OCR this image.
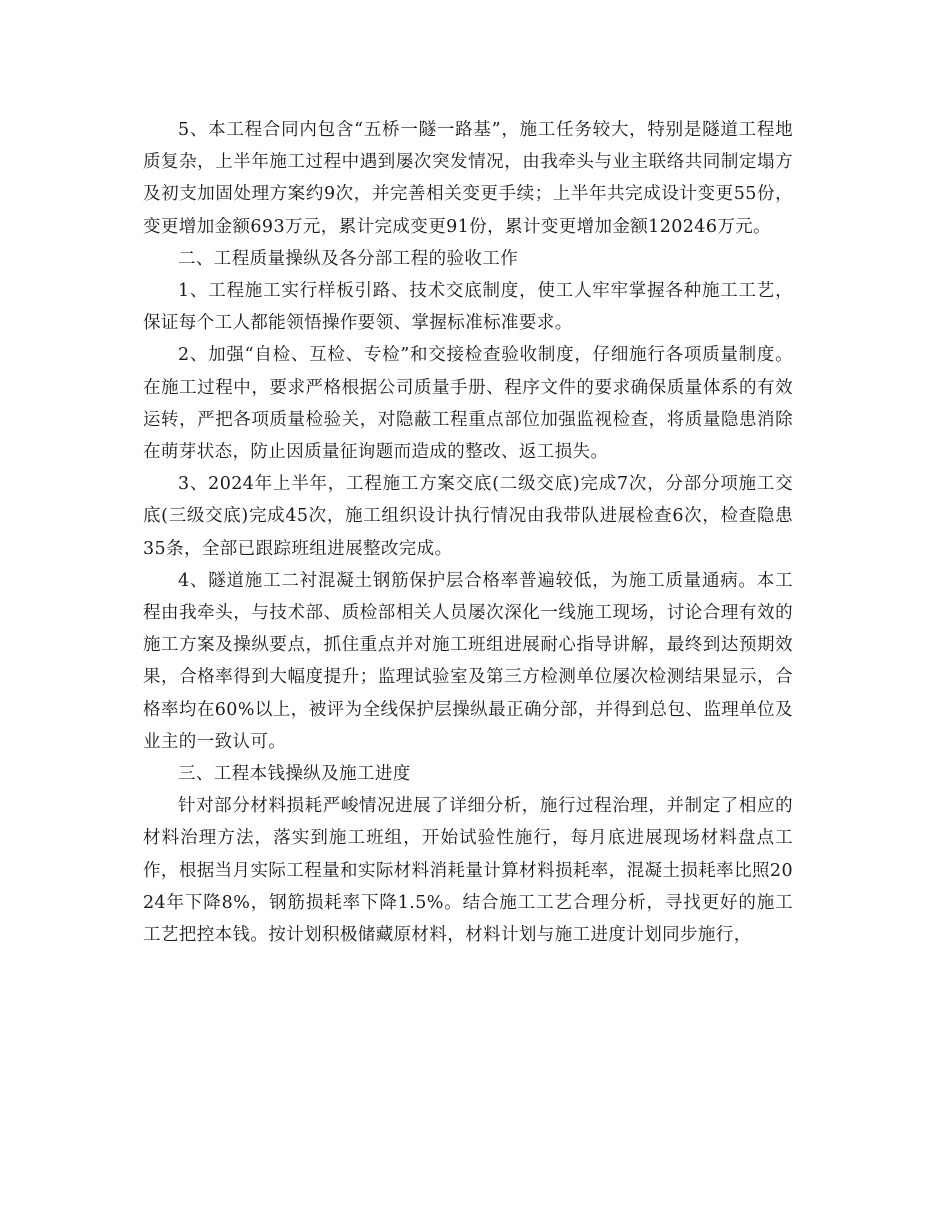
5、本工程合同内包含“五桥一隧一路基”，施工任务较大，特别是隧道工程地质复杂，上半年施工过程中遇到屡次突发情况，由我牵头与业主联络共同制定塌方及初支加固处理方案约9次，并完善相关变更手续；上半年共完成设计变更55份，变更增加金额693万元，累计完成变更91份，累计变更增加金额120246万元。

二、工程质量操纵及各分部工程的验收工作

1、工程施工实行样板引路、技术交底制度，使工人牢牢掌握各种施工工艺，保证每个工人都能领悟操作要领、掌握标准标准要求。

2、加强“自检、互检、专检”和交接检查验收制度，仔细施行各项质量制度。在施工过程中，要求严格根据公司质量手册、程序文件的要求确保质量体系的有效运转，严把各项质量检验关，对隐蔽工程重点部位加强监视检查，将质量隐患消除在萌芽状态，防止因质量征询题而造成的整改、返工损失。

3、2024年上半年，工程施工方案交底(二级交底)完成7次，分部分项施工交底(三级交底)完成45次，施工组织设计执行情况由我带队进展检查6次，检查隐患35条，全部已跟踪班组进展整改完成。

4、隧道施工二衬混凝土钢筋保护层合格率普遍较低，为施工质量通病。本工程由我牵头，与技术部、质检部相关人员屡次深化一线施工现场，讨论合理有效的施工方案及操纵要点，抓住重点并对施工班组进展耐心指导讲解，最终到达预期效果，合格率得到大幅度提升；监理试验室及第三方检测单位屡次检测结果显示，合格率均在60%以上，被评为全线保护层操纵最正确分部，并得到总包、监理单位及业主的一致认可。

三、工程本钱操纵及施工进度

针对部分材料损耗严峻情况进展了详细分析，施行过程治理，并制定了相应的材料治理方法，落实到施工班组，开始试验性施行，每月底进展现场材料盘点工作，根据当月实际工程量和实际材料消耗量计算材料损耗率，混凝土损耗率比照2024年下降8%，钢筋损耗率下降1.5%。结合施工工艺合理分析，寻找更好的施工工艺把控本钱。按计划积极储藏原材料，材料计划与施工进度计划同步施行，
